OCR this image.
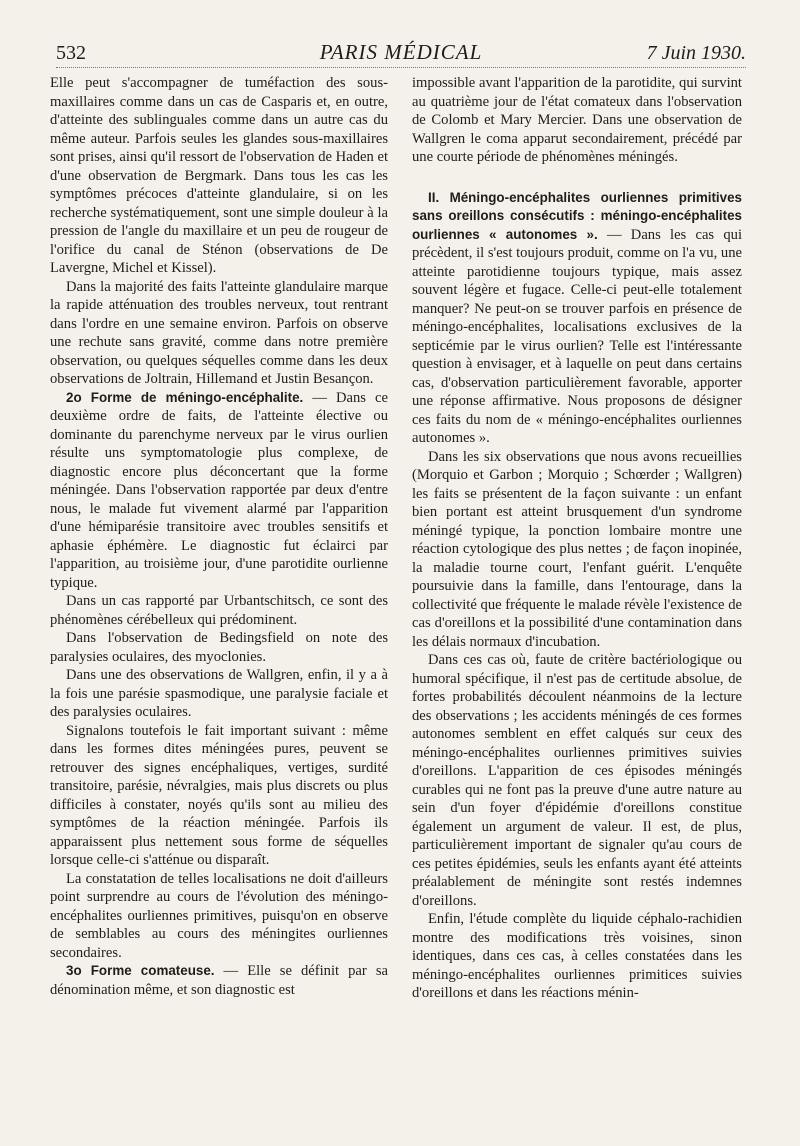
532	PARIS MÉDICAL	7 Juin 1930.

Elle peut s'accompagner de tuméfaction des sous-maxillaires comme dans un cas de Casparis et, en outre, d'atteinte des sublinguales comme dans un autre cas du même auteur. Parfois seules les glandes sous-maxillaires sont prises, ainsi qu'il ressort de l'observation de Haden et d'une observation de Bergmark. Dans tous les cas les symptômes précoces d'atteinte glandulaire, si on les recherche systématiquement, sont une simple douleur à la pression de l'angle du maxillaire et un peu de rougeur de l'orifice du canal de Sténon (observations de De Lavergne, Michel et Kissel).

Dans la majorité des faits l'atteinte glandulaire marque la rapide atténuation des troubles nerveux, tout rentrant dans l'ordre en une semaine environ. Parfois on observe une rechute sans gravité, comme dans notre première observation, ou quelques séquelles comme dans les deux observations de Joltrain, Hillemand et Justin Besançon.

2o Forme de méningo-encéphalite. — Dans ce deuxième ordre de faits, de l'atteinte élective ou dominante du parenchyme nerveux par le virus ourlien résulte uns symptomatologie plus complexe, de diagnostic encore plus déconcertant que la forme méningée. Dans l'observation rapportée par deux d'entre nous, le malade fut vivement alarmé par l'apparition d'une hémiparésie transitoire avec troubles sensitifs et aphasie éphémère. Le diagnostic fut éclairci par l'apparition, au troisième jour, d'une parotidite ourlienne typique.

Dans un cas rapporté par Urbantschitsch, ce sont des phénomènes cérébelleux qui prédominent.

Dans l'observation de Bedingsfield on note des paralysies oculaires, des myoclonies.

Dans une des observations de Wallgren, enfin, il y a à la fois une parésie spasmodique, une paralysie faciale et des paralysies oculaires.

Signalons toutefois le fait important suivant : même dans les formes dites méningées pures, peuvent se retrouver des signes encéphaliques, vertiges, surdité transitoire, parésie, névralgies, mais plus discrets ou plus difficiles à constater, noyés qu'ils sont au milieu des symptômes de la réaction méningée. Parfois ils apparaissent plus nettement sous forme de séquelles lorsque celle-ci s'atténue ou disparaît.

La constatation de telles localisations ne doit d'ailleurs point surprendre au cours de l'évolution des méningo-encéphalites ourliennes primitives, puisqu'on en observe de semblables au cours des méningites ourliennes secondaires.

3o Forme comateuse. — Elle se définit par sa dénomination même, et son diagnostic est

impossible avant l'apparition de la parotidite, qui survint au quatrième jour de l'état comateux dans l'observation de Colomb et Mary Mercier. Dans une observation de Wallgren le coma apparut secondairement, précédé par une courte période de phénomènes méningés.

II. Méningo-encéphalites ourliennes primitives sans oreillons consécutifs : méningo-encéphalites ourliennes « autonomes ». — Dans les cas qui précèdent, il s'est toujours produit, comme on l'a vu, une atteinte parotidienne toujours typique, mais assez souvent légère et fugace. Celle-ci peut-elle totalement manquer? Ne peut-on se trouver parfois en présence de méningo-encéphalites, localisations exclusives de la septicémie par le virus ourlien? Telle est l'intéressante question à envisager, et à laquelle on peut dans certains cas, d'observation particulièrement favorable, apporter une réponse affirmative. Nous proposons de désigner ces faits du nom de « méningo-encéphalites ourliennes autonomes ».

Dans les six observations que nous avons recueillies (Morquio et Garbon ; Morquio ; Schœrder ; Wallgren) les faits se présentent de la façon suivante : un enfant bien portant est atteint brusquement d'un syndrome méningé typique, la ponction lombaire montre une réaction cytologique des plus nettes ; de façon inopinée, la maladie tourne court, l'enfant guérit. L'enquête poursuivie dans la famille, dans l'entourage, dans la collectivité que fréquente le malade révèle l'existence de cas d'oreillons et la possibilité d'une contamination dans les délais normaux d'incubation.

Dans ces cas où, faute de critère bactériologique ou humoral spécifique, il n'est pas de certitude absolue, de fortes probabilités découlent néanmoins de la lecture des observations ; les accidents méningés de ces formes autonomes semblent en effet calqués sur ceux des méningo-encéphalites ourliennes primitives suivies d'oreillons. L'apparition de ces épisodes méningés curables qui ne font pas la preuve d'une autre nature au sein d'un foyer d'épidémie d'oreillons constitue également un argument de valeur. Il est, de plus, particulièrement important de signaler qu'au cours de ces petites épidémies, seuls les enfants ayant été atteints préalablement de méningite sont restés indemnes d'oreillons.

Enfin, l'étude complète du liquide céphalo-rachidien montre des modifications très voisines, sinon identiques, dans ces cas, à celles constatées dans les méningo-encéphalites ourliennes primitices suivies d'oreillons et dans les réactions ménin-
